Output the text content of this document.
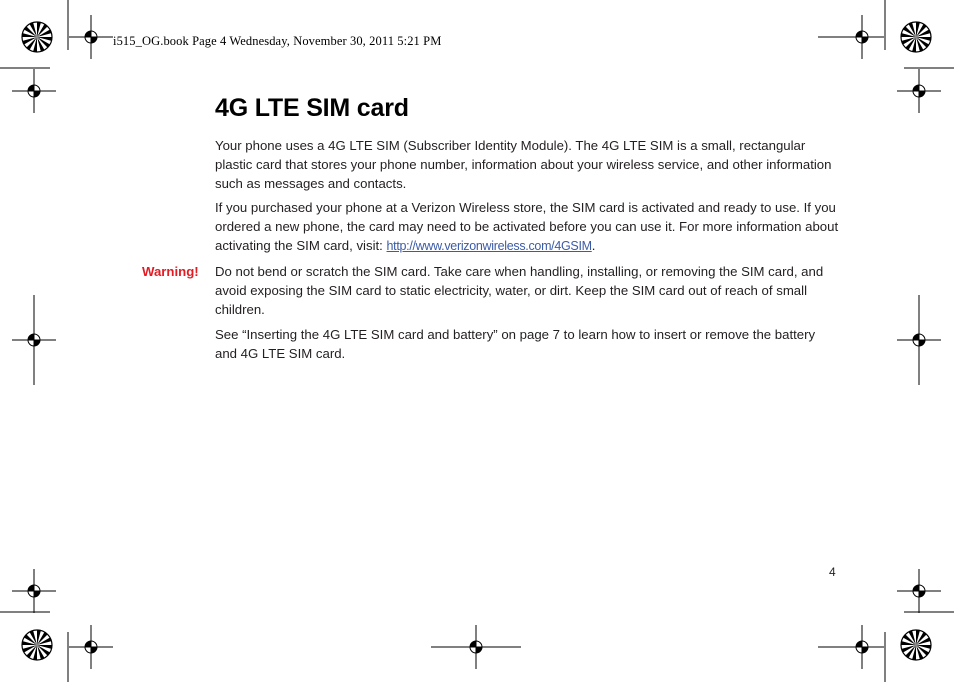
i515_OG.book Page 4 Wednesday, November 30, 2011 5:21 PM
4G LTE SIM card

Your phone uses a 4G LTE SIM (Subscriber Identity Module). The 4G LTE SIM is a small, rectangular plastic card that stores your phone number, information about your wireless service, and other information such as messages and contacts.

If you purchased your phone at a Verizon Wireless store, the SIM card is activated and ready to use. If you ordered a new phone, the card may need to be activated before you can use it. For more information about activating the SIM card, visit: http://www.verizonwireless.com/4GSIM.

Warning! Do not bend or scratch the SIM card. Take care when handling, installing, or removing the SIM card, and avoid exposing the SIM card to static electricity, water, or dirt. Keep the SIM card out of reach of small children.

See “Inserting the 4G LTE SIM card and battery” on page 7 to learn how to insert or remove the battery and 4G LTE SIM card.

4
